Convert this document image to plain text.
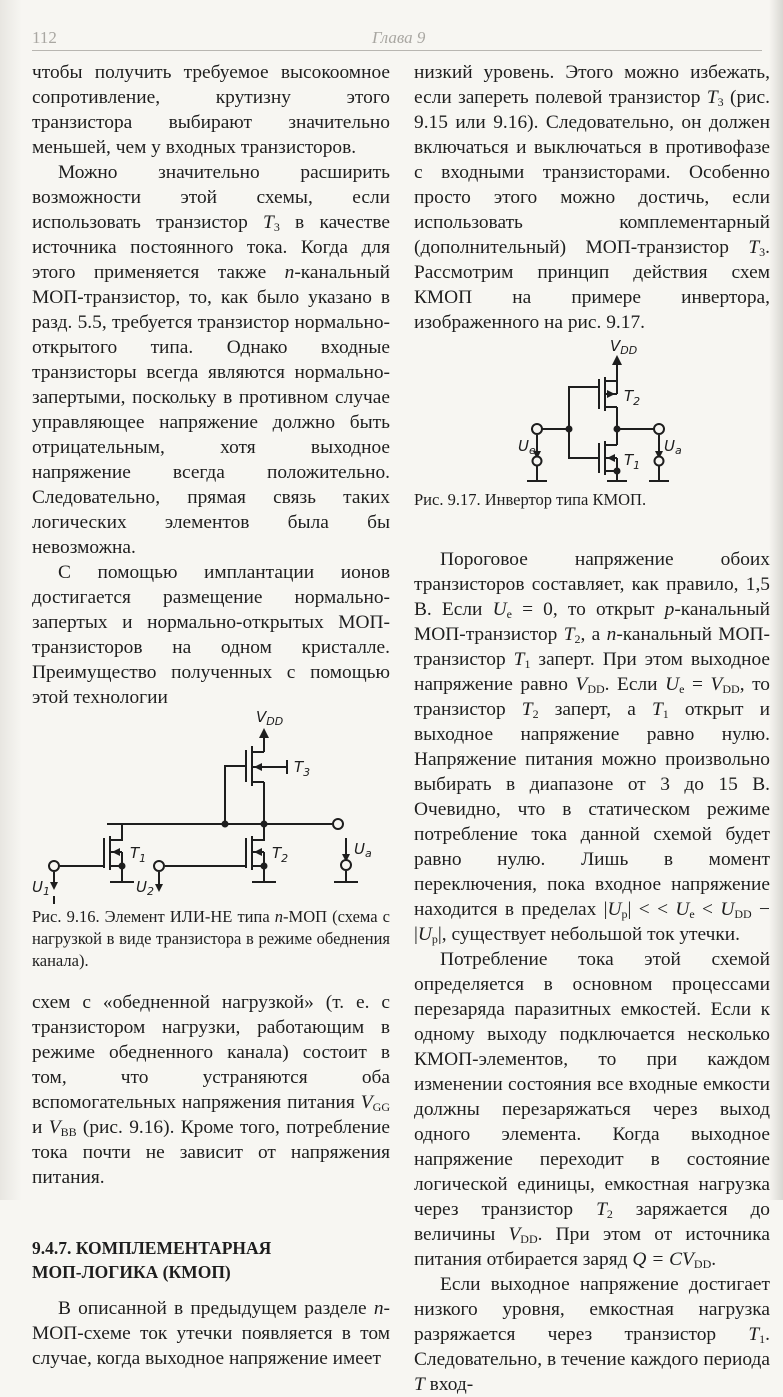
112	Глава 9

чтобы получить требуемое высокоомное сопротивление, крутизну этого транзистора выбирают значительно меньшей, чем у входных транзисторов.

Можно значительно расширить возможности этой схемы, если использовать транзистор $T_3$ в качестве источника постоянного тока. Когда для этого применяется также n-канальный МОП-транзистор, то, как было указано в разд. 5.5, требуется транзистор нормально-открытого типа. Однако входные транзисторы всегда являются нормально-запертыми, поскольку в противном случае управляющее напряжение должно быть отрицательным, хотя выходное напряжение всегда положительно. Следовательно, прямая связь таких логических элементов была бы невозможна.

С помощью имплантации ионов достигается размещение нормально-запертых и нормально-открытых МОП-транзисторов на одном кристалле. Преимущество полученных с помощью этой технологии

$V_{DD}$
$T_3$
$T_1$	$T_2$
$U_a$
$U_1$	$U_2$

Рис. 9.16. Элемент ИЛИ-НЕ типа n-МОП (схема с нагрузкой в виде транзистора в режиме обеднения канала).

схем с «обедненной нагрузкой» (т. е. с транзистором нагрузки, работающим в режиме обедненного канала) состоит в том, что устраняются оба вспомогательных напряжения питания $V_{GG}$ и $V_{BB}$ (рис. 9.16). Кроме того, потребление тока почти не зависит от напряжения питания.

9.4.7. КОМПЛЕМЕНТАРНАЯ МОП-ЛОГИКА (КМОП)

В описанной в предыдущем разделе n-МОП-схеме ток утечки появляется в том случае, когда выходное напряжение имеет

низкий уровень. Этого можно избежать, если запереть полевой транзистор $T_3$ (рис. 9.15 или 9.16). Следовательно, он должен включаться и выключаться в противофазе с входными транзисторами. Особенно просто этого можно достичь, если использовать комплементарный (дополнительный) МОП-транзистор $T_3$. Рассмотрим принцип действия схем КМОП на примере инвертора, изображенного на рис. 9.17.

$V_{DD}$
$T_2$
$T_1$
$U_e$	$U_a$

Рис. 9.17. Инвертор типа КМОП.

Пороговое напряжение обоих транзисторов составляет, как правило, 1,5 В. Если $U_e = 0$, то открыт p-канальный МОП-транзистор $T_2$, а n-канальный МОП-транзистор $T_1$ заперт. При этом выходное напряжение равно $V_{DD}$. Если $U_e = V_{DD}$, то транзистор $T_2$ заперт, а $T_1$ открыт и выходное напряжение равно нулю. Напряжение питания можно произвольно выбирать в диапазоне от 3 до 15 В. Очевидно, что в статическом режиме потребление тока данной схемой будет равно нулю. Лишь в момент переключения, пока входное напряжение находится в пределах $|U_p|$ < < $U_e < U_{DD} - |U_p|$, существует небольшой ток утечки.

Потребление тока этой схемой определяется в основном процессами перезаряда паразитных емкостей. Если к одному выходу подключается несколько КМОП-элементов, то при каждом изменении состояния все входные емкости должны перезаряжаться через выход одного элемента. Когда выходное напряжение переходит в состояние логической единицы, емкостная нагрузка через транзистор $T_2$ заряжается до величины $V_{DD}$. При этом от источника питания отбирается заряд $Q = CV_{DD}$.

Если выходное напряжение достигает низкого уровня, емкостная нагрузка разряжается через транзистор $T_1$. Следовательно, в течение каждого периода T вход-
